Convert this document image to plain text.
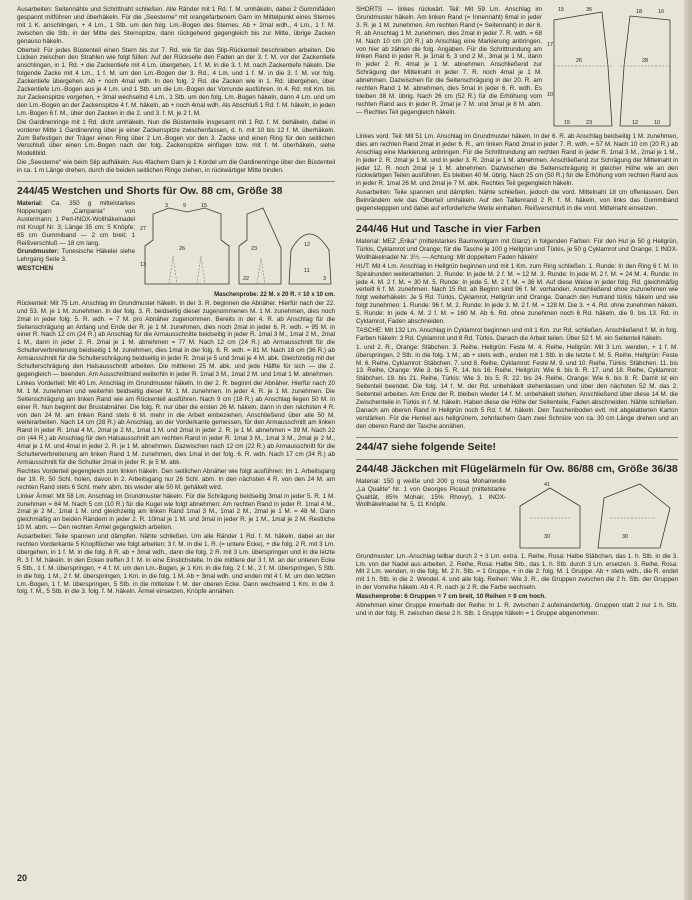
Ausarbeiten: Seitennähte und Schrittnaht schließen. Alle Ränder mit 1 Rd. f. M. umhäkeln, dabei 2 Gummifäden gespannt mitführen und überhäkeln. Für die „Seesterne“ mit orangefarbenem Garn im Mittelpunkt eines Sternes mit 1 K. anschlingen, + 4 Lm., 1 Stb. um den folg. Lm.-Bogen des Sternes. Ab + 2mal wdh., 4 Lm., 1 f. M. zwischen die Stb. in der Mitte des Sternspitze, dann rückgehend gegengleich bis zur Mitte, übrige Zacken genauso häkeln.

Oberteil: Für jedes Büstenteil einen Stern bis zur 7. Rd. wie für das Slip-Rückenteil beschrieben arbeiten. Die Lücken zwischen den Strahlen wie folgt füllen: Auf der Rückseite den Faden an der 3. f. M. vor der Zackentiefe anschlingen, in 1. Rd. + die Zackentiefe mit 4 Lm. übergehen, 1 f. M. in die 3. f. M. nach Zackentiefe häkeln. Die folgende Zacke mit 4 Lm., 1 f. M. um den Lm.-Bogen der 3. Rd., 4 Lm. und 1 f. M. in die 3. f. M. vor folg. Zackentiefe übergehen. Ab + noch 4mal wdh. In den folg. 2 Rd. die Zacken wie in 1. Rd. übergehen, über Zackentiefe Lm.-Bogen aus je 4 Lm. und 1 Stb. um die Lm.-Bogen der Vorrunde ausführen. In 4. Rd. mit Km. bis zur Zackenspitze vorgehen, + 3mal wechselnd 4 Lm., 1 Stb. um den folg. Lm.-Bogen häkeln, dann 4 Lm. und um den Lm.-Bogen an der Zackenspitze 4 f. M. häkeln, ab + noch 4mal wdh. Als Abschluß 1 Rd. f. M. häkeln, in jeden Lm.-Bogen 6 f. M., über den Zacken in die 2. und 3. f. M. je 2 f. M.

Die Gardinenringe mit 1 Rd. dicht umhäkeln. Nun die Büstenteile insgesamt mit 1 Rd. f. M. behäkeln, dabei in vorderer Mitte 1 Gardinenring über je einer Zackenspitze zwischenfassen, d. h. mit 10 bis 12 f. M. überhäkeln. Zum Befestigen der Träger einen Ring über 2 Lm.-Bogen vor den 3. Zacke und einen Ring für den seitlichen Verschluß über einen Lm.-Bogen nach der folg. Zackenspitze einfügen bzw. mit f. M. überhäkeln, siehe Modellbild.

Die „Seesterne“ wie beim Slip aufhäkeln. Aus 4fachem Garn je 1 Kordel um die Gardinenringe über den Büstenteil in ca. 1 m Länge drehen, durch die beiden seitlichen Ringe ziehen, in rückwärtiger Mitte binden.

244/45 Westchen und Shorts für Ow. 88 cm, Größe 38

Material: Ca. 350 g mittelstarkes Noppengarn „Campania“ von Austermann; 1 Perl-INOX-Wollhäkelnadel mit Knopf Nr. 3; Länge 35 cm; 5 Knöpfe; 65 cm Gummiband — 2 cm breit; 1 Reißverschluß — 18 cm lang.

Grundmuster: Tunesische Häkelei siehe Lehrgang Seite 3.

WESTCHEN

3	9	15
27
13
26	23
22
12
11
3
Maschenprobe: 22 M. x 20 R. = 10 x 10 cm.

Rückenteil: Mit 75 Lm. Anschlag im Grundmuster häkeln. In der 3. R. beginnen die Abnäher. Hierfür nach der 22. und 53. M. je 1 M. zunehmen. In der folg. 3. R. beidseitig dieser zugenommenen M. 1 M. zunehmen, dies noch 2mal in jeder folg. 5. R. wdh. = 7 M. pro Abnäher zugenommen. Bereits in der 4. R. ab Anschlag für die Seitenschrägung an Anfang und Ende der R. je 1 M. zunehmen, dies noch 2mal in jeder 6. R. wdh. = 95 M. in einer R. Nach 12 cm (24 R.) ab Anschlag für die Armausschnitte beidseitig in jeder R. 1mal 3 M., 1mal 2 M., 2mal 1 M., dann in jeder 2. R. 2mal je 1 M. abnehmen = 77 M. Nach 12 cm (24 R.) ab Armausschnitt für die Schulterverbreiterung beidseitig 1 M. zunehmen, dies 1mal in der folg. 6. R. wdh. = 81 M. Nach 18 cm (36 R.) ab Armausschnitt für die Schulterschrägung beidseitig in jeder R. 2mal je 5 und 3mal je 4 M. abk. Gleichzeitig mit der Schulterschrägung den Halsausschnitt arbeiten. Die mittleren 25 M. abk. und jede Hälfte für sich — die 2. gegengleich — beenden. Am Ausschnittrand weiterhin in jeder R. 1mal 3 M., 1mal 2 M. und 1mal 1 M. abnehmen.

Linkes Vorderteil: Mit 40 Lm. Anschlag im Grundmuster häkeln. In der 2. R. beginnt der Abnäher. Hierfür nach 20 M. 1 M. zunehmen und weiterhin beidseitig dieser M. 1 M. zunehmen. In jeder 4. R. je 1 M. zunehmen. Die Seitenschrägung am linken Rand wie am Rückenteil ausführen. Nach 9 cm (18 R.) ab Anschlag liegen 50 M. in einer R. Nun beginnt der Brustabnäher. Die folg. R. nur über die ersten 26 M. häkeln, dann in den nächsten 4 R. von den 24 M. am linken Rand stets 6 M. mehr in die Arbeit einbeziehen. Anschließend über alle 50 M. weiterarbeiten. Nach 14 cm (28 R.) ab Anschlag, an der Vorderkante gemessen, für den Armausschnitt am linken Rand in jeder R. 1mal 4 M., 2mal je 2 M., 1mal 1 M. und 2mal in jeder 2. R. je 1 M. abnehmen = 39 M. Nach 22 cm (44 R.) ab Anschlag für den Halsausschnitt am rechten Rand in jeder R. 1mal 3 M., 1mal 3 M., 2mal je 2 M., 4mal je 1 M. und 4mal in jeder 2. R. je 1 M. abnehmen. Dazwischen nach 12 cm (22 R.) ab Armausschnitt für die Schulterverbreiterung am linken Rand 1 M. zunehmen, dies 1mal in der folg. 6. R. wdh. Nach 17 cm (34 R.) ab Armausschnitt für die Schulter 2mal in jeder R. je 5 M. abk.

Rechtes Vorderteil gegengleich zum linken häkeln. Den seitlichen Abnäher wie folgt ausführen: Im 1. Arbeitsgang der 19. R. 50 Schl. holen, davon in 2. Arbeitsgang nur 26 Schl. abm. In den nächsten 4 R. von den 24 M. am rechten Rand stets 6 Schl. mehr abm. bis wieder alle 50 M. gehäkelt wird.

Linker Ärmel: Mit 58 Lm. Anschlag im Grundmuster häkeln. Für die Schrägung beidseitig 3mal in jeder 5. R. 1 M. zunehmen = 64 M. Nach 5 cm (10 R.) für die Kugel wie folgt abnehmen: Am rechten Rand in jeder R. 1mal 4 M., 2mal je 2 M., 1mal 1 M. und gleichzeitig am linken Rand 1mal 3 M., 1mal 2 M., 2mal je 1 M. = 48 M. Dann gleichmäßig an beiden Rändern in jeder 2. R. 10mal je 1 M. und 3mal in jeder R. je 1 M., 1mal je 2 M. Restliche 10 M. abm. — Den rechten Ärmel gegengleich arbeiten.

Ausarbeiten: Teile spannen und dämpfen. Nähte schließen. Um alle Ränder 1 Rd. f. M. häkeln, dabei an der rechten Vorderkante 5 Knopflöcher wie folgt arbeiten: 3 f. M. in die 1. R. (= untere Ecke), + die folg. 2 R. mit 3 Lm. übergehen, in 1 f. M. in die folg. 8 R. ab + 3mal wdh., dann die folg. 2 R. mit 3 Lm. überspringen und in die letzte R. 3 f. M. häkeln. In den Ecken treffen 3 f. M. in eine Einstichstelle. In die mittlere der 3 f. M. an der unteren Ecke 5 Stb., 1 f. M. überspringen, + 4 f. M. um den Lm.-Bogen, je 1 Km. in die folg. 2 f. M., 2 f. M. überspringen, 5 Stb. in die folg. 1 M., 2 f. M. überspringen, 1 Km. in die folg. 1 M. Ab + 3mal wdh. und enden mit 4 f. M. um den letzten Lm.-Bogen, 1 f. M. überspringen, 5 Stb. in die mittelste f. M. der oberen Ecke. Dann wechselnd 1 Km. in die 3. folg. f. M., 5 Stb. in die 3. folg. f. M. häkeln. Ärmel einsetzen, Knöpfe annähen.

SHORTS — linkes rückwärt. Teil: Mit 59 Lm. Anschlag im Grundmuster häkeln. Am linken Rand (= Innennaht) 6mal in jeder 3. R. je 1 M. zunehmen. Am rechten Rand (= Seitennaht) in der 6. R. ab Anschlag 1 M. zunehmen, dies 2mal in jeder 7. R. wdh. = 68 M. Nach 10 cm (20 R.) ab Anschlag eine Markierung anbringen, von hier ab zählen die folg. Angaben. Für die Schrittrundung am linken Rand in jeder R. je 1mal 6, 3 und 2 M., 3mal je 1 M., dann in jeder 2. R. 4mal je 1 M. abnehmen. Anschließend zur Schrägung der Mittelnaht in jeder 7. R. noch 4mal je 1 M. abnehmen. Dazwischen für die Seitenschrägung in der 20. R. am rechten Rand 1 M. abnehmen, dies 5mal in jeder 6. R. wdh. Es bleiben 38 M. übrig. Nach 26 cm (52 R.) für die Erhöhung vom rechten Rand aus in jeder R. 2mal je 7 M. und 3mal je 8 M. abm. — Rechtes Teil gegengleich häkeln.

15	36	18	16
17
10
26	28
15	23	12	10

Linkes vord. Teil: Mit 51 Lm. Anschlag im Grundmuster häkeln. In der 6. R. ab Anschlag beidseitig 1 M. zunehmen, dies am rechten Rand 2mal in jeder 6. R., am linken Rand 2mal in jeder 7. R. wdh. = 57 M. Nach 10 cm (20 R.) ab Anschlag eine Markierung anbringen. Für die Schrittrundung am rechten Rand in jeder R. 1mal 3 M., 2mal je 1 M., in jeder 2. R. 2mal je 1 M. und in jeder 3. R. 2mal je 1 M. abnehmen. Anschließend zur Schrägung der Mittelnaht in jeder 12. R. noch 2mal je 1 M. abnehmen. Dazwischen die Seitenschrägung in gleicher Höhe wie an den rückwärtigen Teilen ausführen. Es bleiben 40 M. übrig. Nach 25 cm (50 R.) für die Erhöhung vom rechten Rand aus in jeder R. 1mal 26 M. und 2mal je 7 M. abk. Rechtes Teil gegengleich häkeln.

Ausarbeiten: Teile spannen und dämpfen. Nähte schließen, jedoch die vord. Mittelnaht 18 cm offenlassen. Den Beinrändern wie das Oberteil umhäkeln. Auf den Taillenrand 2 R. f. M. häkeln, von links das Gummiband gegenstepppen und dabei auf erforderliche Weite einhalten. Reißverschluß in die vord. Mittelnaht einsetzen.

244/46 Hut und Tasche in vier Farben

Material: MEZ „Erika“ (mittelstarkes Baumwollgarn mit Glanz) in folgenden Farben: Für den Hut je 50 g Hellgrün, Türkis, Cyklamrot und Orange; für die Tasche je 100 g Hellgrün und Türkis, je 50 g Cyklamrot und Orange; 1 INOX-Wollhäkelnadel Nr. 3½. — Achtung: Mit doppeltem Faden häkeln!

HUT: Mit 4 Lm. Anschlag in Hellgrün beginnen und mit 1 Km. zum Ring schließen. 1. Runde: In den Ring 6 f. M. In Spiralrunden weiterarbeiten. 2. Runde: In jede M. 2 f. M. = 12 M. 3. Runde: In jede M. 2 f. M. = 24 M. 4. Runde: In jede 4. M. 2 f. M. = 30 M. 5. Runde: In jede 5. M. 2 f. M. = 36 M. Auf diese Weise in jeder folg. Rd. gleichmäßig verteilt 6 f. M. zunehmen. Nach 15 Rd. ab Beginn sind 96 f. M. vorhanden. Anschließend ohne zuzunehmen wie folgt weiterhäkeln: Je 5 Rd. Türkis, Cyklamrot, Hellgrün und Orange. Danach den Hutrand türkis häkeln und wie folgt zunehmen: 1. Runde: 96 f. M. 2. Runde: In jede 3. M. 2 f. M. = 128 M. Die 3. + 4. Rd. ohne zunehmen häkeln. 5. Runde: In jede 4. M. 2 f. M. = 160 M. Ab 6. Rd. ohne zunehmen noch 6 Rd. häkeln, die 9. bis 13. Rd. in Cyklamrot, Faden abschneiden.

TASCHE: Mit 132 Lm. Anschlag in Cyklamrot beginnen und mit 1 Km. zur Rd. schließen. Anschließend f. M. in folg. Farben häkeln: 3 Rd. Cyklamrot und 8 Rd. Türkis. Danach die Arbeit teilen. Über 52 f. M. ein Seitenteil häkeln.

1. und 2. R., Orange: Stäbchen. 3. Reihe, Hellgrün: Feste M. 4. Reihe, Hellgrün: Mit 3 Lm. wenden, + 1 f. M. überspringen, 2 Stb. in die folg. 1 M.; ab + stets wdh., enden mit 1 Stb. in die letzte f. M. 5. Reihe, Hellgrün: Feste M. 6. Reihe, Cyklamrot: Stäbchen. 7. und 8. Reihe, Cyklamrot: Feste M. 9. und 10. Reihe, Türkis: Stäbchen. 11. bis 13. Reihe, Orange: Wie 3. bis 5. R. 14. bis 16. Reihe, Hellgrün: Wie 6. bis 8. R. 17. und 18. Reihe, Cyklamrot: Stäbchen. 19. bis 21. Reihe, Türkis: Wie 3. bis 5. R. 22. bis 24. Reihe, Orange: Wie 6. bis 8. R. Damit ist ein Seitenteil beendet. Die folg. 14 f. M. der Rd. unbehäkelt stehenlassen und über den nächsten 52 M. das 2. Seitenteil arbeiten. Am Ende der R. bleiben wieder 14 f. M. unbehäkelt stehen. Anschließend über diese 14 M. die Zwischenteile in Türkis in f. M. häkeln. Haben diese die Höhe der Seitenteile, Faden abschneiden. Nähte schließen. Danach am oberen Rand in Hellgrün noch 5 Rd. f. M. häkeln. Den Taschenboden evtl. mit abgelatterten Karton verstärken. Für die Henkel aus hellgrünem, zehnfachem Garn zwei Schnüre von ca. 30 cm Länge drehen und an den oberen Rand der Tasche annähen.

244/47 siehe folgende Seite!
244/48 Jäckchen mit Flügelärmeln für Ow. 86/88 cm, Größe 36/38

Material: 150 g weiße und 200 g rosa Mohairwolle „La Qualite“ Nr. 1 von Georges Picaud (mittelstarke Qualität, 85% Mohair, 15% Rhovyl), 1 INOX-Wollhäkelnadel Nr. 5, 11 Knöpfe.

41
30
30

Grundmuster: Lm.-Anschlag teilbar durch 2 + 3 Lm. extra. 1. Reihe, Rosa: Halbe Stäbchen, das 1. h. Stb. in die 3. Lm. von der Nadel aus arbeiten. 2. Reihe, Rosa: Halbe Stb., das 1. h. Stb. durch 3 Lm. ersetzen. 3. Reihe, Rosa: Mit 2 Lm. wenden, in die folg. M. 2 h. Stb. = 1 Gruppe, + in die 2. folg. M. 1 Gruppe. Ab + stets wdh., die R. endet mit 1 h. Stb. in die 2. Wendel. 4. und alle folg. Reihen: Wie 3. R., die Gruppen zwischen die 2 h. Stb. der Gruppen in der Vorreihe häkeln. Ab 4. R. nach je 2 R. die Farbe wechseln.

Maschenprobe: 6 Gruppen = 7 cm breit, 10 Reihen = 9 cm hoch.

Abnehmen einer Gruppe innerhalb der Reihe: In 1. R. zwischen 2 aufeinanderfolg. Gruppen statt 2 nur 1 h. Stb. und in der folg. R. zwischen diese 2 h. Stb. 1 Gruppe häkeln = 1 Gruppe abgenommen.

20
